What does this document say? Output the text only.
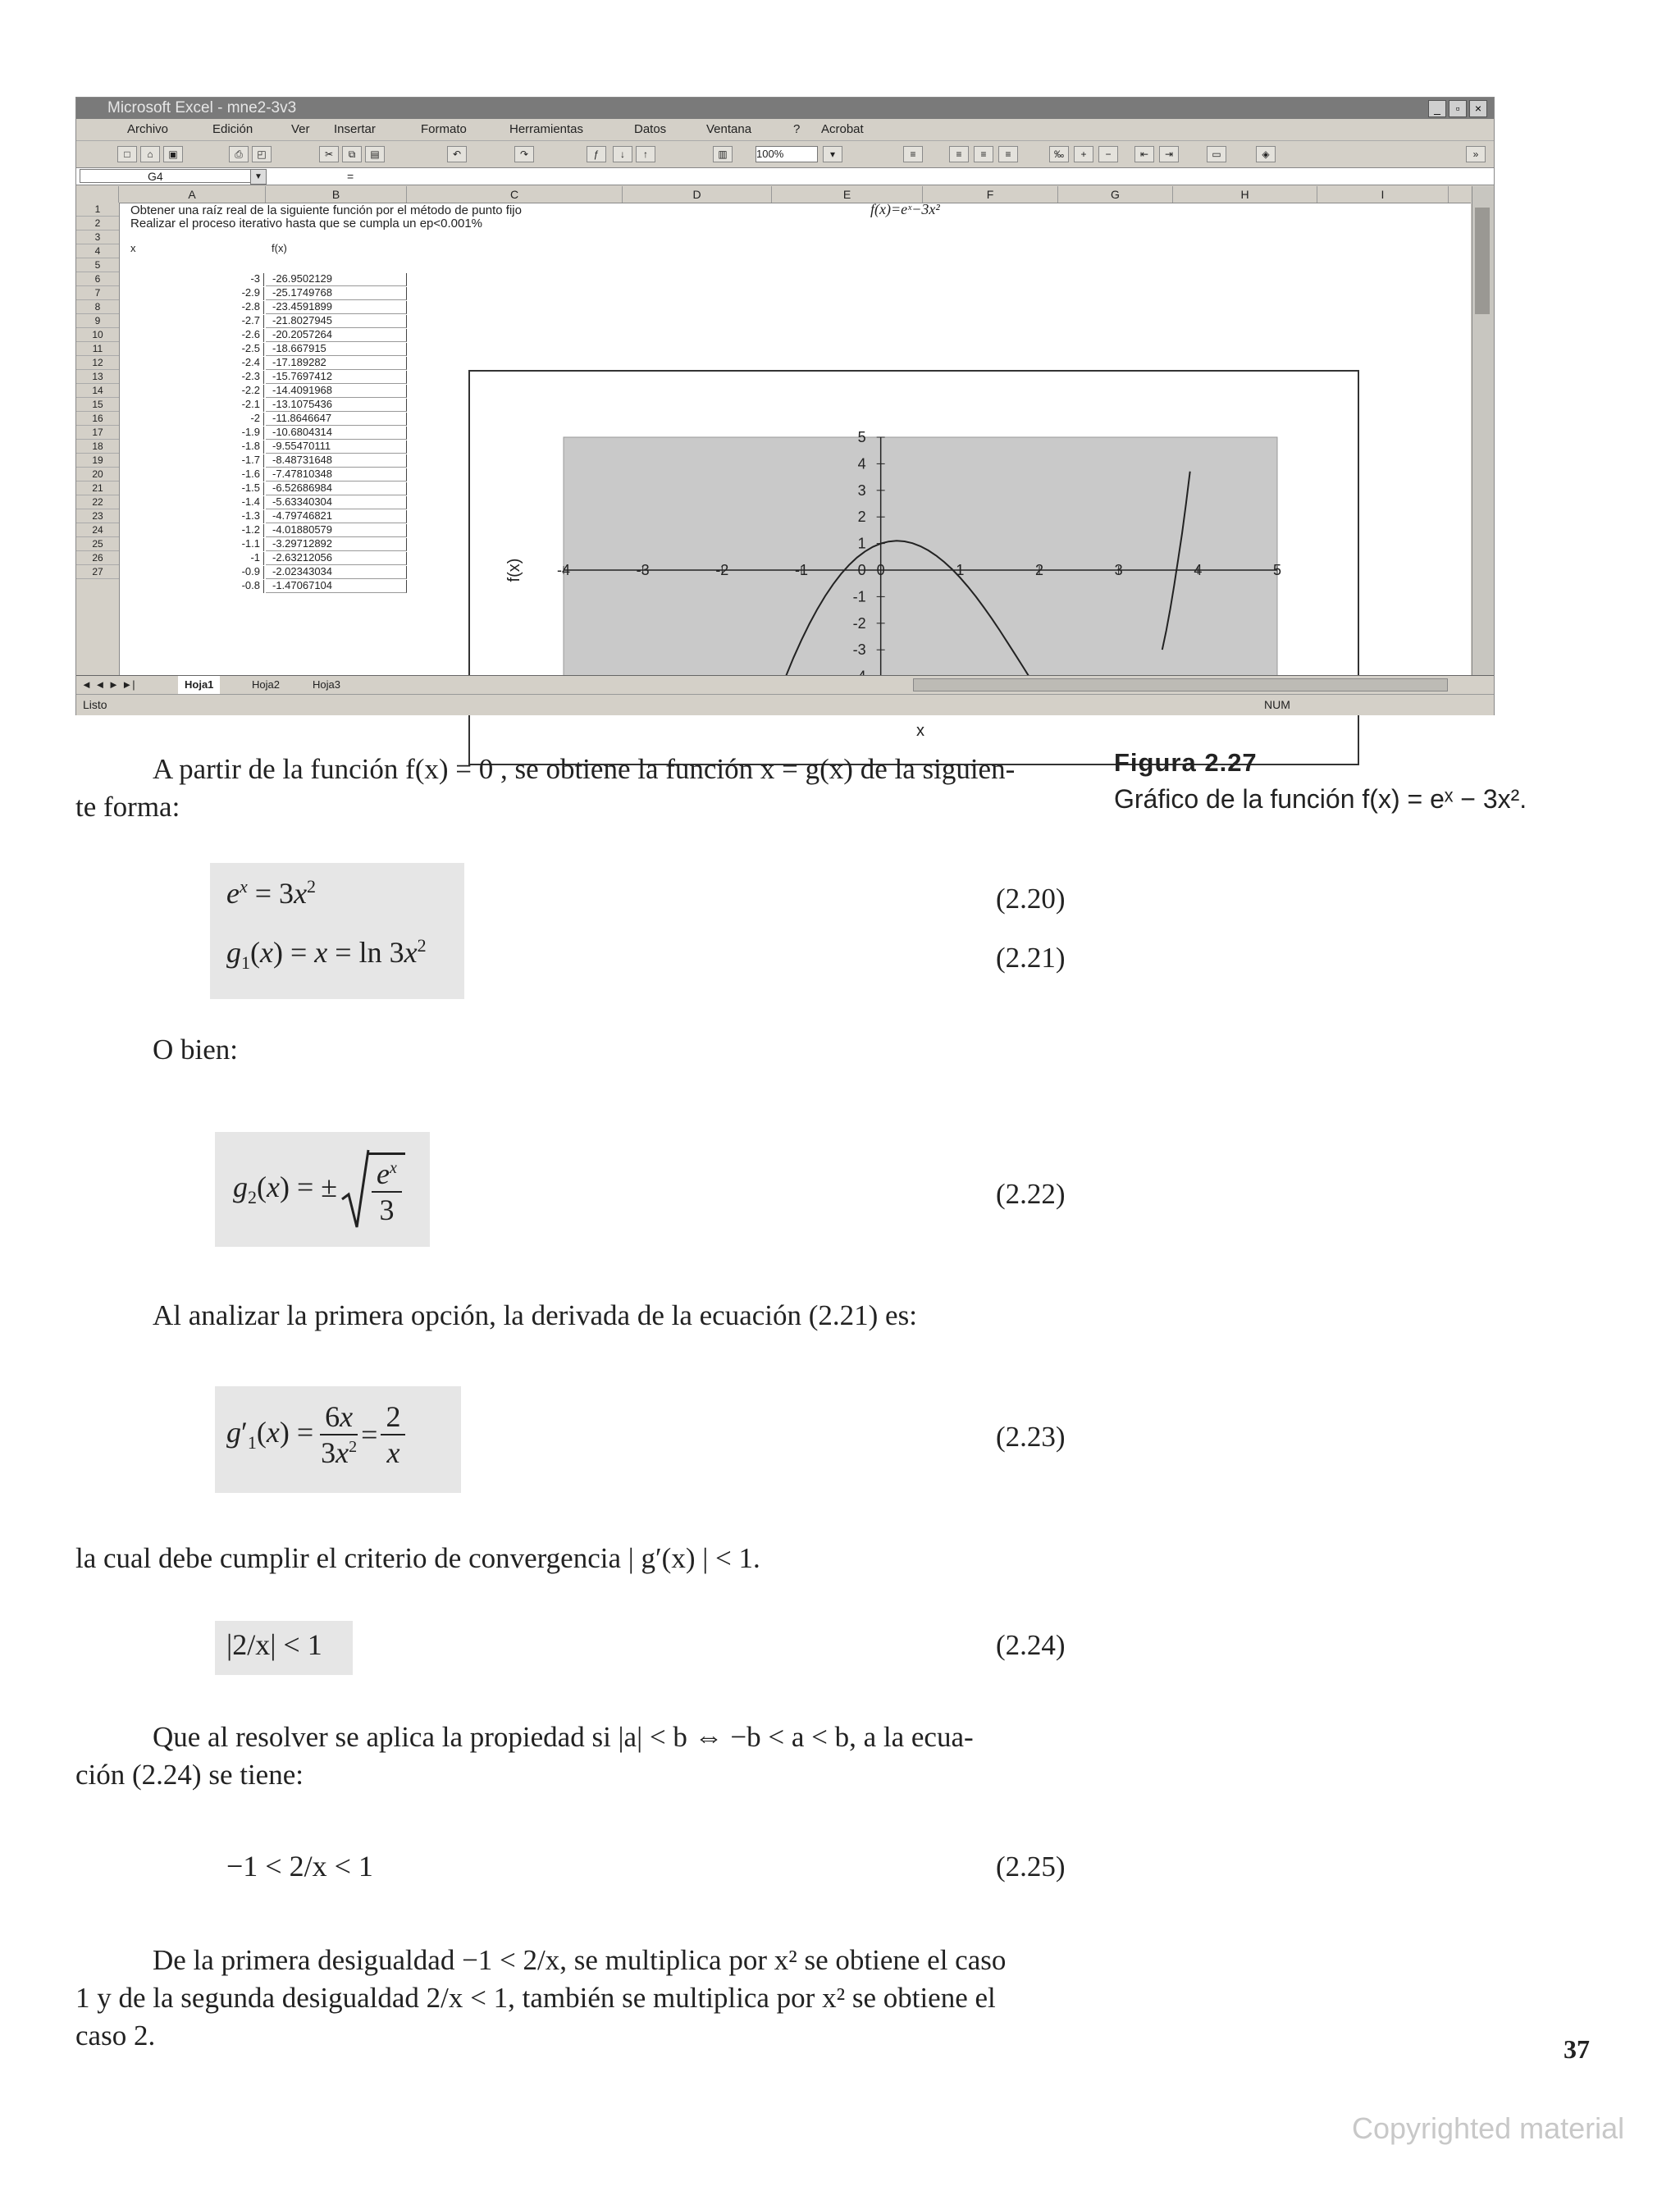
Microsoft Excel - mne2-3v3	_	▫	×
Archivo	Edición	Ver Insertar	Formato	Herramientas	Datos	Ventana	? Acrobat
□	⌂	▣	⎙	◰	✂	⧉	▤	↶	↷	ƒ	↓	↑	▥	100%	▾	≡	≡	≡	≡	‰	+	−	⇤	⇥	▭	◈	»
G4	▼	=
A	B	C	D	E	F	G	H	I
1
2
3
4
5
6
7
8
9
10
11
12
13
14
15
16
17
18
19
20
21
22
23
24
25
26
27
Obtener una raíz real de la siguiente función por el método de punto fijo
Realizar el proceso iterativo hasta que se cumpla un ep<0.001%
f(x)=eˣ−3x²
x	f(x)
-3	-26.9502129
-2.9	-25.1749768
-2.8	-23.4591899
-2.7	-21.8027945
-2.6	-20.2057264
-2.5	-18.667915
-2.4	-17.189282
-2.3	-15.7697412
-2.2	-14.4091968
-2.1	-13.1075436
-2	-11.8646647
-1.9	-10.6804314
-1.8	-9.55470111
-1.7	-8.48731648
-1.6	-7.47810348
-1.5	-6.52686984
-1.4	-5.63340304
-1.3	-4.79746821
-1.2	-4.01880579
-1.1	-3.29712892
-1	-2.63212056
-0.9	-2.02343034
-0.8	-1.47067104
-4	-3	-2	-1	0	1	2	3	4	5
5
4
3
2
1
0
-1
-2
-3
x
f(x)
◄ ◄ ► ►|	Hoja1	Hoja2	Hoja3
Listo	NUM
Figura 2.27
Gráfico de la función f(x) = eˣ − 3x².
A partir de la función f(x) = 0 , se obtiene la función x = g(x) de la siguien-
te forma:
$e^x = 3x^2$
$g_1(x) = x = \ln 3x^2$
(2.20)
(2.21)
O bien:
$g_2(x)$ = ± $\frac{e^x}{3}$	(2.22)
Al analizar la primera opción, la derivada de la ecuación (2.21) es:
$g'_1(x) = \frac{6x}{3x^2} = \frac{2}{x}$	(2.23)
la cual debe cumplir el criterio de convergencia | g′(x) | < 1.
|2/x| < 1	(2.24)
Que al resolver se aplica la propiedad si |a| < b ⇔ −b < a < b, a la ecua-
ción (2.24) se tiene:
−1 < 2/x < 1	(2.25)
De la primera desigualdad −1 < 2/x, se multiplica por x² se obtiene el caso
1 y de la segunda desigualdad 2/x < 1, también se multiplica por x² se obtiene el
caso 2.	37
Copyrighted material
